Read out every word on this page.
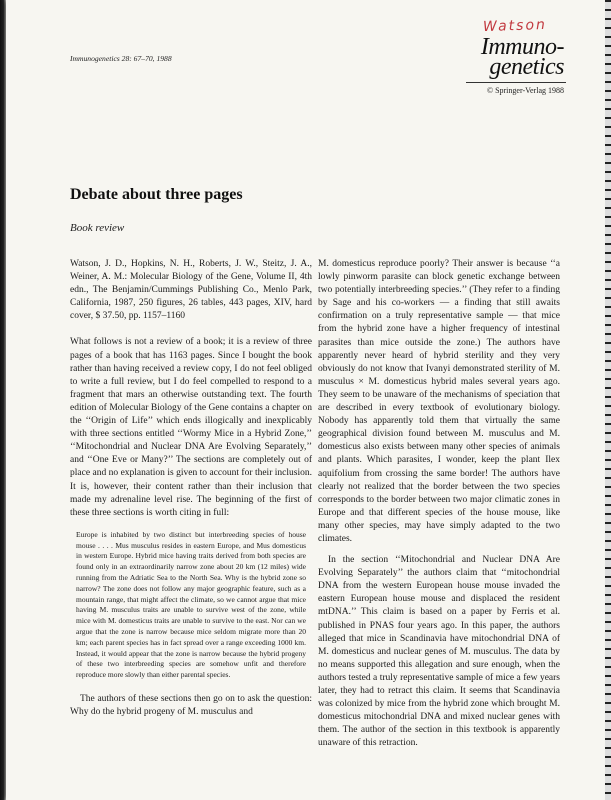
Immunogenetics 28: 67–70, 1988
Watson
Immuno-
genetics
© Springer-Verlag 1988
Debate about three pages
Book review

Watson, J. D., Hopkins, N. H., Roberts, J. W., Steitz, J. A., Weiner, A. M.: Molecular Biology of the Gene, Volume II, 4th edn., The Benjamin/Cummings Publishing Co., Menlo Park, California, 1987, 250 figures, 26 tables, 443 pages, XIV, hard cover, $ 37.50, pp. 1157–1160

What follows is not a review of a book; it is a review of three pages of a book that has 1163 pages. Since I bought the book rather than having received a review copy, I do not feel obliged to write a full review, but I do feel compelled to respond to a fragment that mars an otherwise outstanding text. The fourth edition of Molecular Biology of the Gene contains a chapter on the ‘‘Origin of Life’’ which ends illogically and inexplicably with three sections entitled ‘‘Wormy Mice in a Hybrid Zone,’’ ‘‘Mitochondrial and Nuclear DNA Are Evolving Separately,’’ and ‘‘One Eve or Many?’’ The sections are completely out of place and no explanation is given to account for their inclusion. It is, however, their content rather than their inclusion that made my adrenaline level rise. The beginning of the first of these three sections is worth citing in full:

Europe is inhabited by two distinct but interbreeding species of house mouse . . . . Mus musculus resides in eastern Europe, and Mus domesticus in western Europe. Hybrid mice having traits derived from both species are found only in an extraordinarily narrow zone about 20 km (12 miles) wide running from the Adriatic Sea to the North Sea. Why is the hybrid zone so narrow? The zone does not follow any major geographic feature, such as a mountain range, that might affect the climate, so we cannot argue that mice having M. musculus traits are unable to survive west of the zone, while mice with M. domesticus traits are unable to survive to the east. Nor can we argue that the zone is narrow because mice seldom migrate more than 20 km; each parent species has in fact spread over a range exceeding 1000 km. Instead, it would appear that the zone is narrow because the hybrid progeny of these two interbreeding species are somehow unfit and therefore reproduce more slowly than either parental species.

The authors of these sections then go on to ask the question: Why do the hybrid progeny of M. musculus and

M. domesticus reproduce poorly? Their answer is because ‘‘a lowly pinworm parasite can block genetic exchange between two potentially interbreeding species.’’ (They refer to a finding by Sage and his co-workers — a finding that still awaits confirmation on a truly representative sample — that mice from the hybrid zone have a higher frequency of intestinal parasites than mice outside the zone.) The authors have apparently never heard of hybrid sterility and they very obviously do not know that Ivanyi demonstrated sterility of M. musculus × M. domesticus hybrid males several years ago. They seem to be unaware of the mechanisms of speciation that are described in every textbook of evolutionary biology. Nobody has apparently told them that virtually the same geographical division found between M. musculus and M. domesticus also exists between many other species of animals and plants. Which parasites, I wonder, keep the plant Ilex aquifolium from crossing the same border! The authors have clearly not realized that the border between the two species corresponds to the border between two major climatic zones in Europe and that different species of the house mouse, like many other species, may have simply adapted to the two climates.

In the section ‘‘Mitochondrial and Nuclear DNA Are Evolving Separately’’ the authors claim that ‘‘mitochondrial DNA from the western European house mouse invaded the eastern European house mouse and displaced the resident mtDNA.’’ This claim is based on a paper by Ferris et al. published in PNAS four years ago. In this paper, the authors alleged that mice in Scandinavia have mitochondrial DNA of M. domesticus and nuclear genes of M. musculus. The data by no means supported this allegation and sure enough, when the authors tested a truly representative sample of mice a few years later, they had to retract this claim. It seems that Scandinavia was colonized by mice from the hybrid zone which brought M. domesticus mitochondrial DNA and mixed nuclear genes with them. The author of the section in this textbook is apparently unaware of this retraction.
